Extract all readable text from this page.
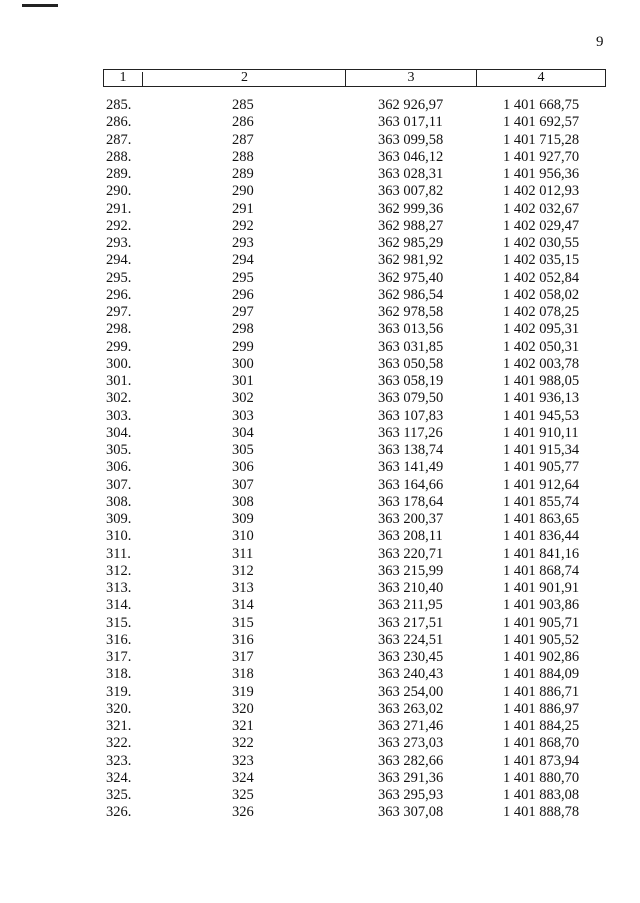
9
1	2	3	4
285.	285	362 926,97	1 401 668,75
286.	286	363 017,11	1 401 692,57
287.	287	363 099,58	1 401 715,28
288.	288	363 046,12	1 401 927,70
289.	289	363 028,31	1 401 956,36
290.	290	363 007,82	1 402 012,93
291.	291	362 999,36	1 402 032,67
292.	292	362 988,27	1 402 029,47
293.	293	362 985,29	1 402 030,55
294.	294	362 981,92	1 402 035,15
295.	295	362 975,40	1 402 052,84
296.	296	362 986,54	1 402 058,02
297.	297	362 978,58	1 402 078,25
298.	298	363 013,56	1 402 095,31
299.	299	363 031,85	1 402 050,31
300.	300	363 050,58	1 402 003,78
301.	301	363 058,19	1 401 988,05
302.	302	363 079,50	1 401 936,13
303.	303	363 107,83	1 401 945,53
304.	304	363 117,26	1 401 910,11
305.	305	363 138,74	1 401 915,34
306.	306	363 141,49	1 401 905,77
307.	307	363 164,66	1 401 912,64
308.	308	363 178,64	1 401 855,74
309.	309	363 200,37	1 401 863,65
310.	310	363 208,11	1 401 836,44
311.	311	363 220,71	1 401 841,16
312.	312	363 215,99	1 401 868,74
313.	313	363 210,40	1 401 901,91
314.	314	363 211,95	1 401 903,86
315.	315	363 217,51	1 401 905,71
316.	316	363 224,51	1 401 905,52
317.	317	363 230,45	1 401 902,86
318.	318	363 240,43	1 401 884,09
319.	319	363 254,00	1 401 886,71
320.	320	363 263,02	1 401 886,97
321.	321	363 271,46	1 401 884,25
322.	322	363 273,03	1 401 868,70
323.	323	363 282,66	1 401 873,94
324.	324	363 291,36	1 401 880,70
325.	325	363 295,93	1 401 883,08
326.	326	363 307,08	1 401 888,78
